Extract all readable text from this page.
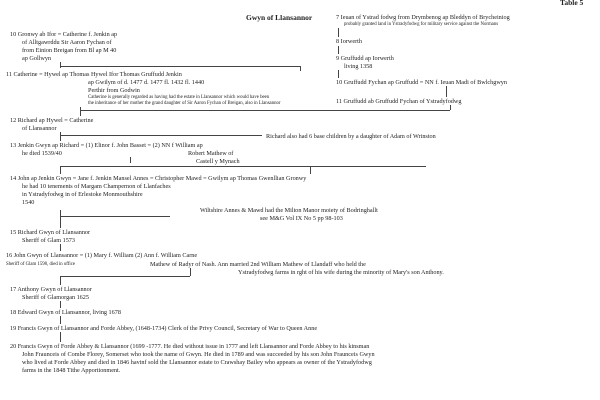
Table 5
Gwyn of Llansannor
10 Gronwy ab Ifor = Catherine f. Jenkin ap
of Alltgawrddu Sir Aaron Fychan of
from Einion Breigan from Bl ap M 40
ap Gollwyn
11 Catherine = Hywel ap Thomas Hywel Ifor Thomas Gruffudd Jenkin
ap Gwilym of d. 1477 d. 1477 fl. 1432 fl. 1440
Perthir from Godwin
Catherine is generally regarded as having had the estate in Llansannor which would have been
the inheritance of her mother the grand daughter of Sir Aaron Fychan of Breigan, also in Llansannor
12 Richard ap Hywel = Catherine
of Llansannor
Richard also had 6 base children by a daughter of Adam of Wrinston
13 Jenkin Gwyn ap Richard = (1) Elinor f. John Basset = (2) NN f William ap
he died 1539/40	Robert Mathew of
Castell y Mynach
14 John ap Jenkin Gwyn = Jane f. Jenkin Mansel Annes = Christopher Mawd = Gwilym ap Thomas Gwenllian Gronwy
he had 10 tenements of Margam Champernon of Llanfaches
in Ystradyfodwg in of Erlestoke Monmouthshire
1540
Wiltshire Annes & Mawd had the Milton Manor moiety of Bodringhallt
see M&G Vol IX No 5 pp 98-103
15 Richard Gwyn of Llansannor
Sheriff of Glam 1573
16 John Gwyn of Llansannor = (1) Mary f. William (2) Ann f. William Carne
Sheriff of Glam 1598, died in office	Mathew of Radyr of Nash. Ann married 2nd William Mathew of Llandaff who held the
Ystradyfodwg farms in rght of his wife during the minority of Mary's son Anthony.
17 Anthony Gwyn of Llansannor
Sheriff of Glamorgan 1625
18 Edward Gwyn of Llansannor, living 1678
19 Francis Gwyn of Llansannor and Forde Abbey, (1648-1734) Clerk of the Privy Council, Secretary of War to Queen Anne
20 Francis Gwyn of Forde Abbey & Llansannor (1699 -1777. He died without issue in 1777 and left Llansannor and Forde Abbey to his kinsman
John Fraunceis of Combe Florey, Somerset who took the name of Gwyn. He died in 1789 and was succeeded by his son John Fraunceis Gwyn
who lived at Forde Abbey and died in 1846 havinf sold the Llansannor estate to Crawshay Bailey who appears as owner of the Ystradyfodwg
farms in the 1848 Tithe Apportionment.
7 Ieuan of Ystrad fodwg from Drymbenog ap Bleddyn of Brycheiniog
probably granted land in Ystradyfodwg for military service against the Normans
8 Iorwerth
9 Gruffudd ap Iorwerth
living 1358
10 Gruffudd Fychan ap Gruffudd = NN f. Ieuan Madi of Bwlchgwyn
11 Gruffudd ab Gruffudd Fychan of Ystradyfodwg
